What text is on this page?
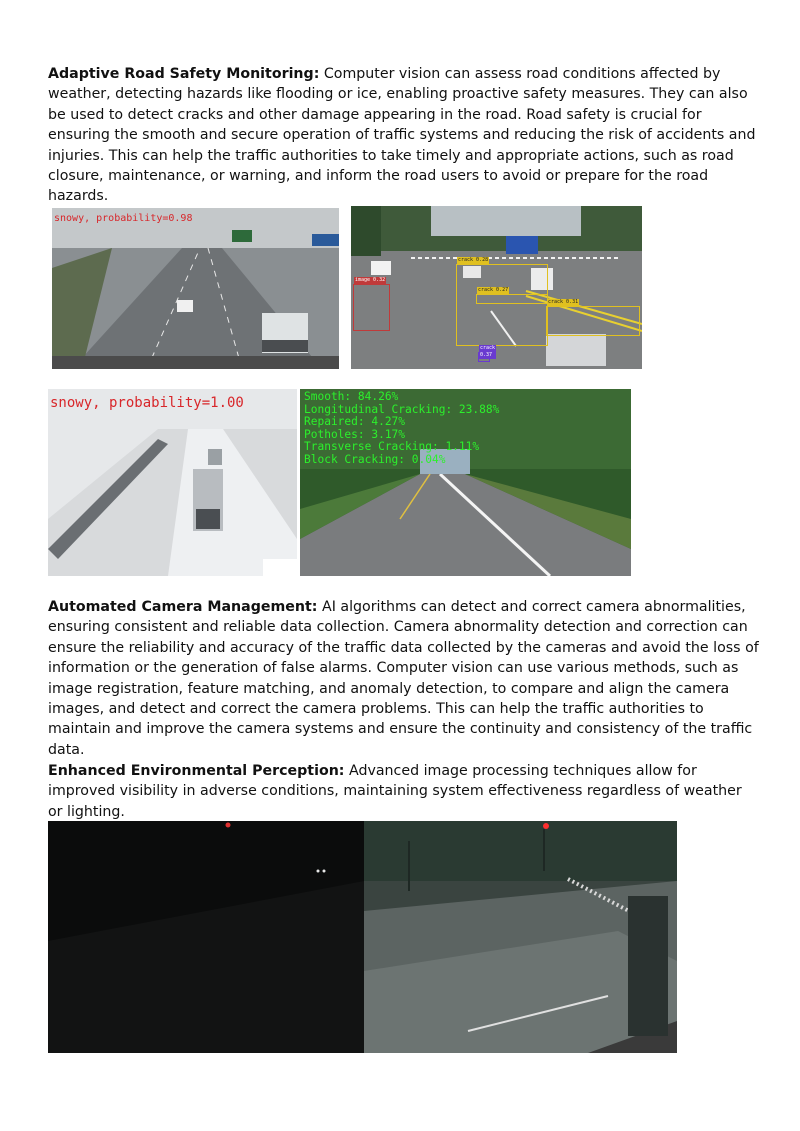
Adaptive Road Safety Monitoring: Computer vision can assess road conditions affected by weather, detecting hazards like flooding or ice, enabling proactive safety measures. They can also be used to detect cracks and other damage appearing in the road. Road safety is crucial for ensuring the smooth and secure operation of traffic systems and reducing the risk of accidents and injuries. This can help the traffic authorities to take timely and appropriate actions, such as road closure, maintenance, or warning, and inform the road users to avoid or prepare for the road hazards.

snowy, probability=0.98
crack 0.28
crack 0.31
image 0.32
crack 0.37
crack 0.27
snowy, probability=1.00	Smooth: 84.26%
Longitudinal Cracking: 23.88%
Repaired: 4.27%
Potholes: 3.17%
Transverse Cracking: 1.11%
Block Cracking: 0.04%

Automated Camera Management: AI algorithms can detect and correct camera abnormalities, ensuring consistent and reliable data collection. Camera abnormality detection and correction can ensure the reliability and accuracy of the traffic data collected by the cameras and avoid the loss of information or the generation of false alarms. Computer vision can use various methods, such as image registration, feature matching, and anomaly detection, to compare and align the camera images, and detect and correct the camera problems. This can help the traffic authorities to maintain and improve the camera systems and ensure the continuity and consistency of the traffic data.

Enhanced Environmental Perception: Advanced image processing techniques allow for improved visibility in adverse conditions, maintaining system effectiveness regardless of weather or lighting.
